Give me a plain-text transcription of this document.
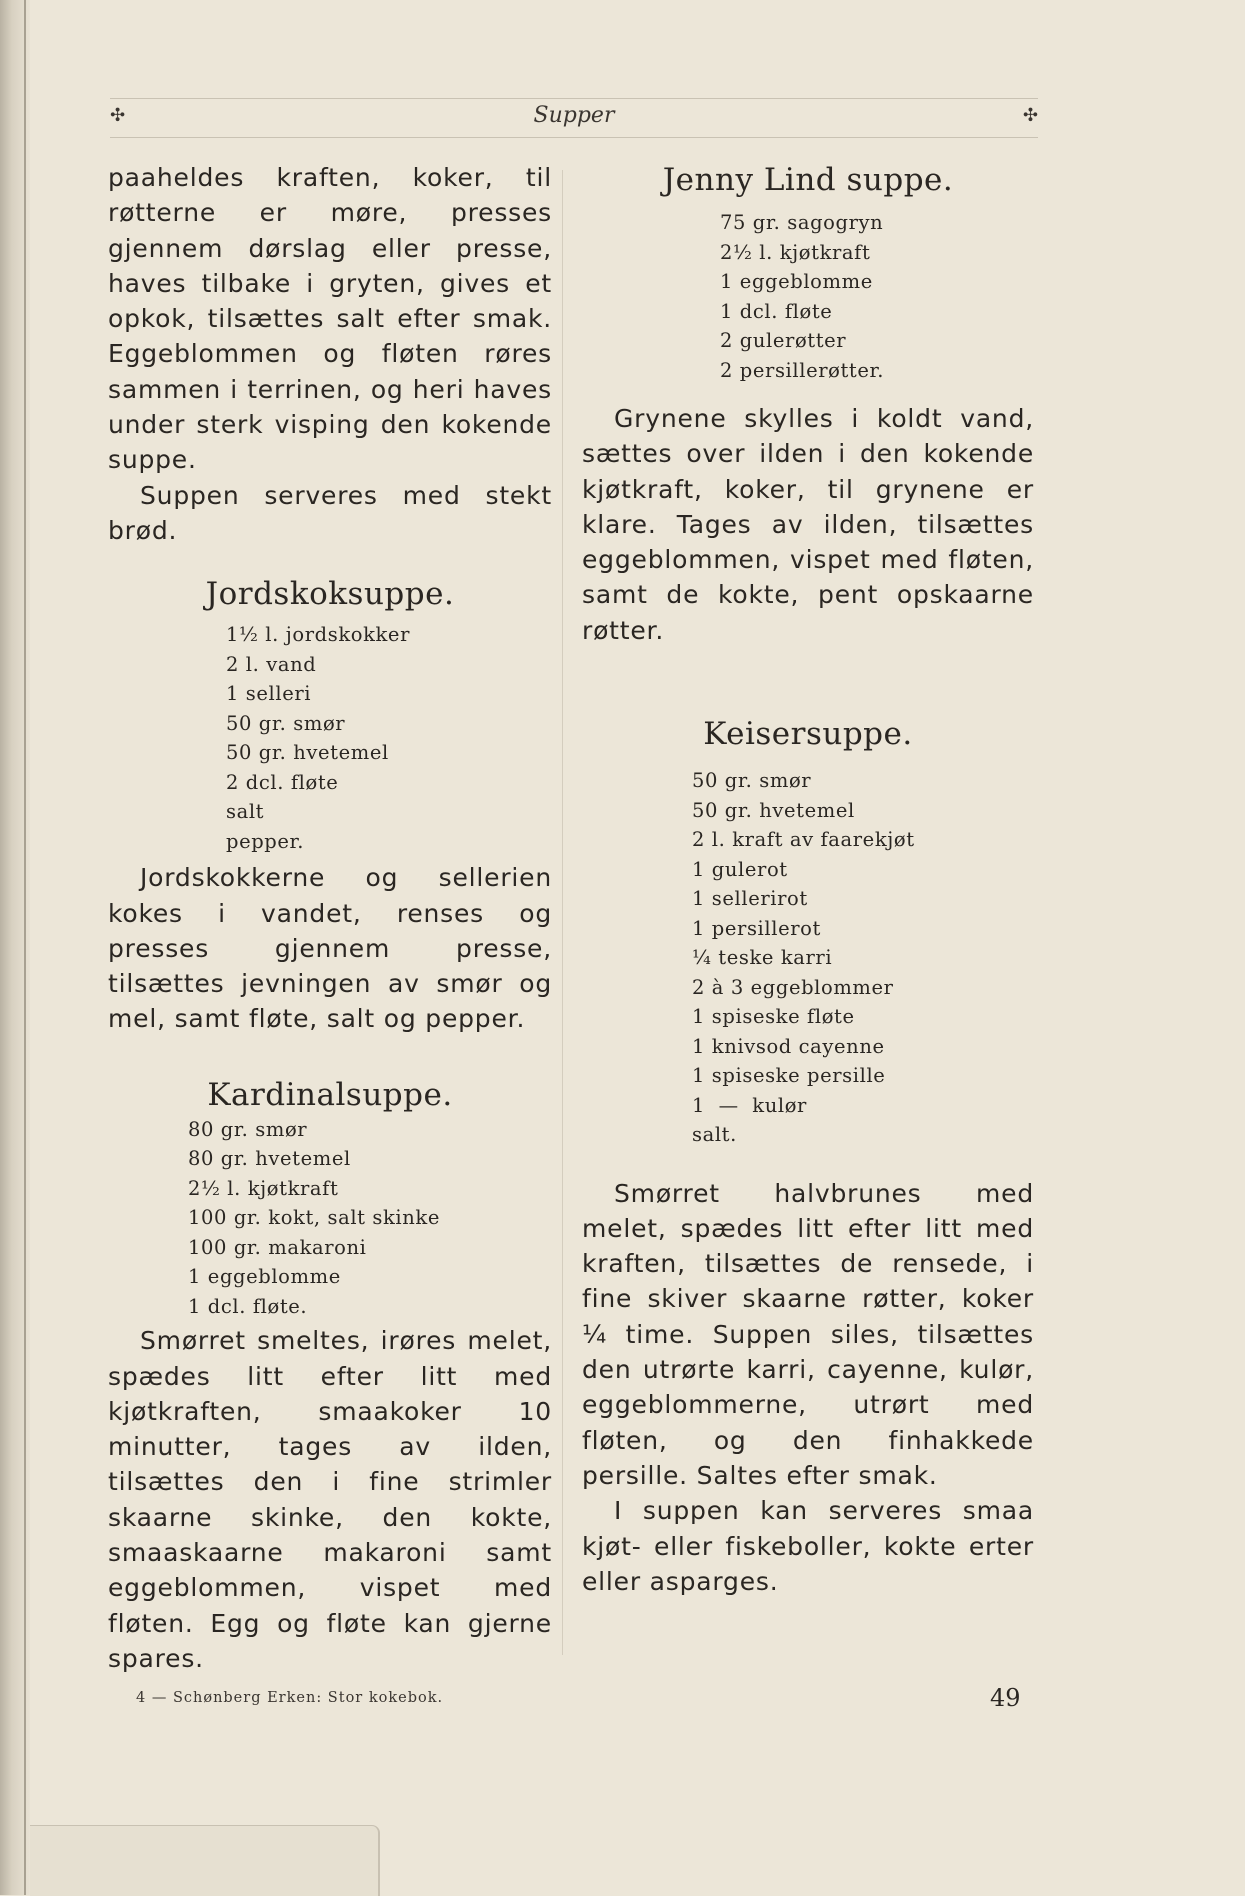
✣	Supper	✣

paaheldes kraften, koker, til røtterne er møre, presses gjennem dørslag eller presse, haves tilbake i gryten, gives et opkok, tilsættes salt efter smak. Eggeblommen og fløten røres sammen i terrinen, og heri haves under sterk visping den kokende suppe.

Suppen serveres med stekt brød.

Jordskoksuppe.
1½ l. jordskokker
2 l. vand
1 selleri
50 gr. smør
50 gr. hvetemel
2 dcl. fløte
salt
pepper.

Jordskokkerne og sellerien kokes i vandet, renses og presses gjennem presse, tilsættes jevningen av smør og mel, samt fløte, salt og pepper.

Kardinalsuppe.
80 gr. smør
80 gr. hvetemel
2½ l. kjøtkraft
100 gr. kokt, salt skinke
100 gr. makaroni
1 eggeblomme
1 dcl. fløte.

Smørret smeltes, irøres melet, spædes litt efter litt med kjøtkraften, smaakoker 10 minutter, tages av ilden, tilsættes den i fine strimler skaarne skinke, den kokte, smaaskaarne makaroni samt eggeblommen, vispet med fløten. Egg og fløte kan gjerne spares.

Jenny Lind suppe.
75 gr. sagogryn
2½ l. kjøtkraft
1 eggeblomme
1 dcl. fløte
2 gulerøtter
2 persillerøtter.

Grynene skylles i koldt vand, sættes over ilden i den kokende kjøtkraft, koker, til grynene er klare. Tages av ilden, tilsættes eggeblommen, vispet med fløten, samt de kokte, pent opskaarne røtter.

Keisersuppe.
50 gr. smør
50 gr. hvetemel
2 l. kraft av faarekjøt
1 gulerot
1 sellerirot
1 persillerot
¼ teske karri
2 à 3 eggeblommer
1 spiseske fløte
1 knivsod cayenne
1 spiseske persille
1  —  kulør
salt.

Smørret halvbrunes med melet, spædes litt efter litt med kraften, tilsættes de rensede, i fine skiver skaarne røtter, koker ¼ time. Suppen siles, tilsættes den utrørte karri, cayenne, kulør, eggeblommerne, utrørt med fløten, og den finhakkede persille. Saltes efter smak.

I suppen kan serveres smaa kjøt- eller fiskeboller, kokte erter eller asparges.

4 — Schønberg Erken: Stor kokebok.	49
